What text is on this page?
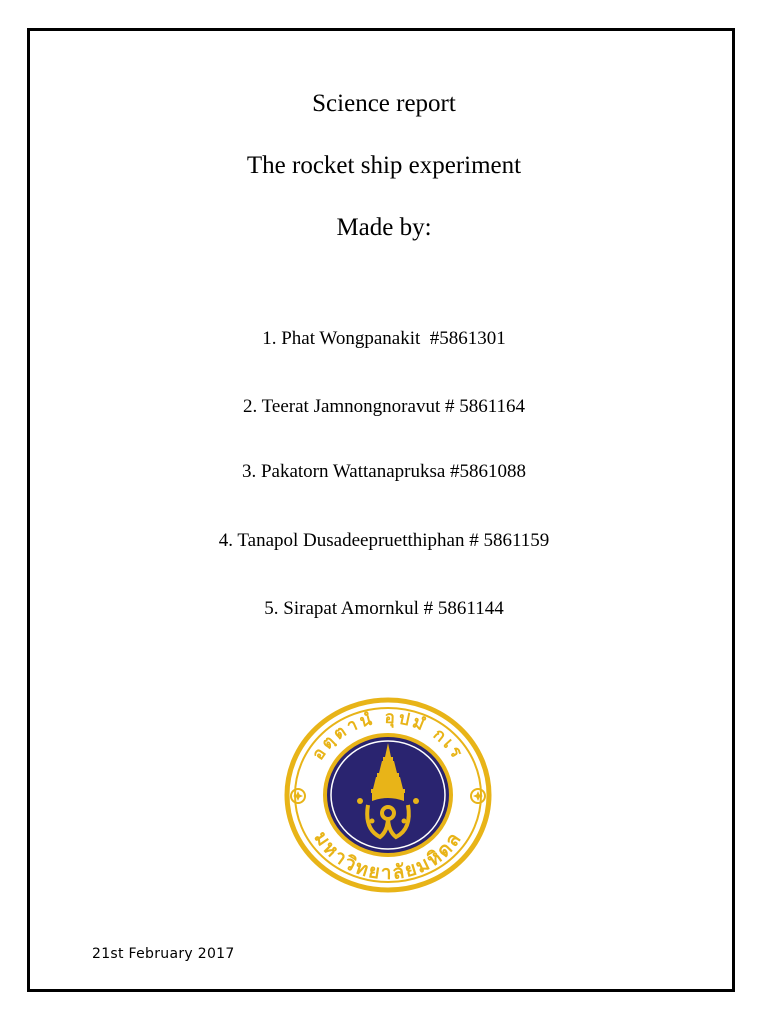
Science report
The rocket ship experiment
Made by:
1. Phat Wongpanakit  #5861301
2. Teerat Jamnongnoravut # 5861164
3. Pakatorn Wattanapruksa #5861088
4. Tanapol Dusadeepruetthiphan # 5861159
5. Sirapat Amornkul # 5861144
อตฺตานํ อุปมํ กเร
มหาวิทยาลัยมหิดล
21st February 2017
